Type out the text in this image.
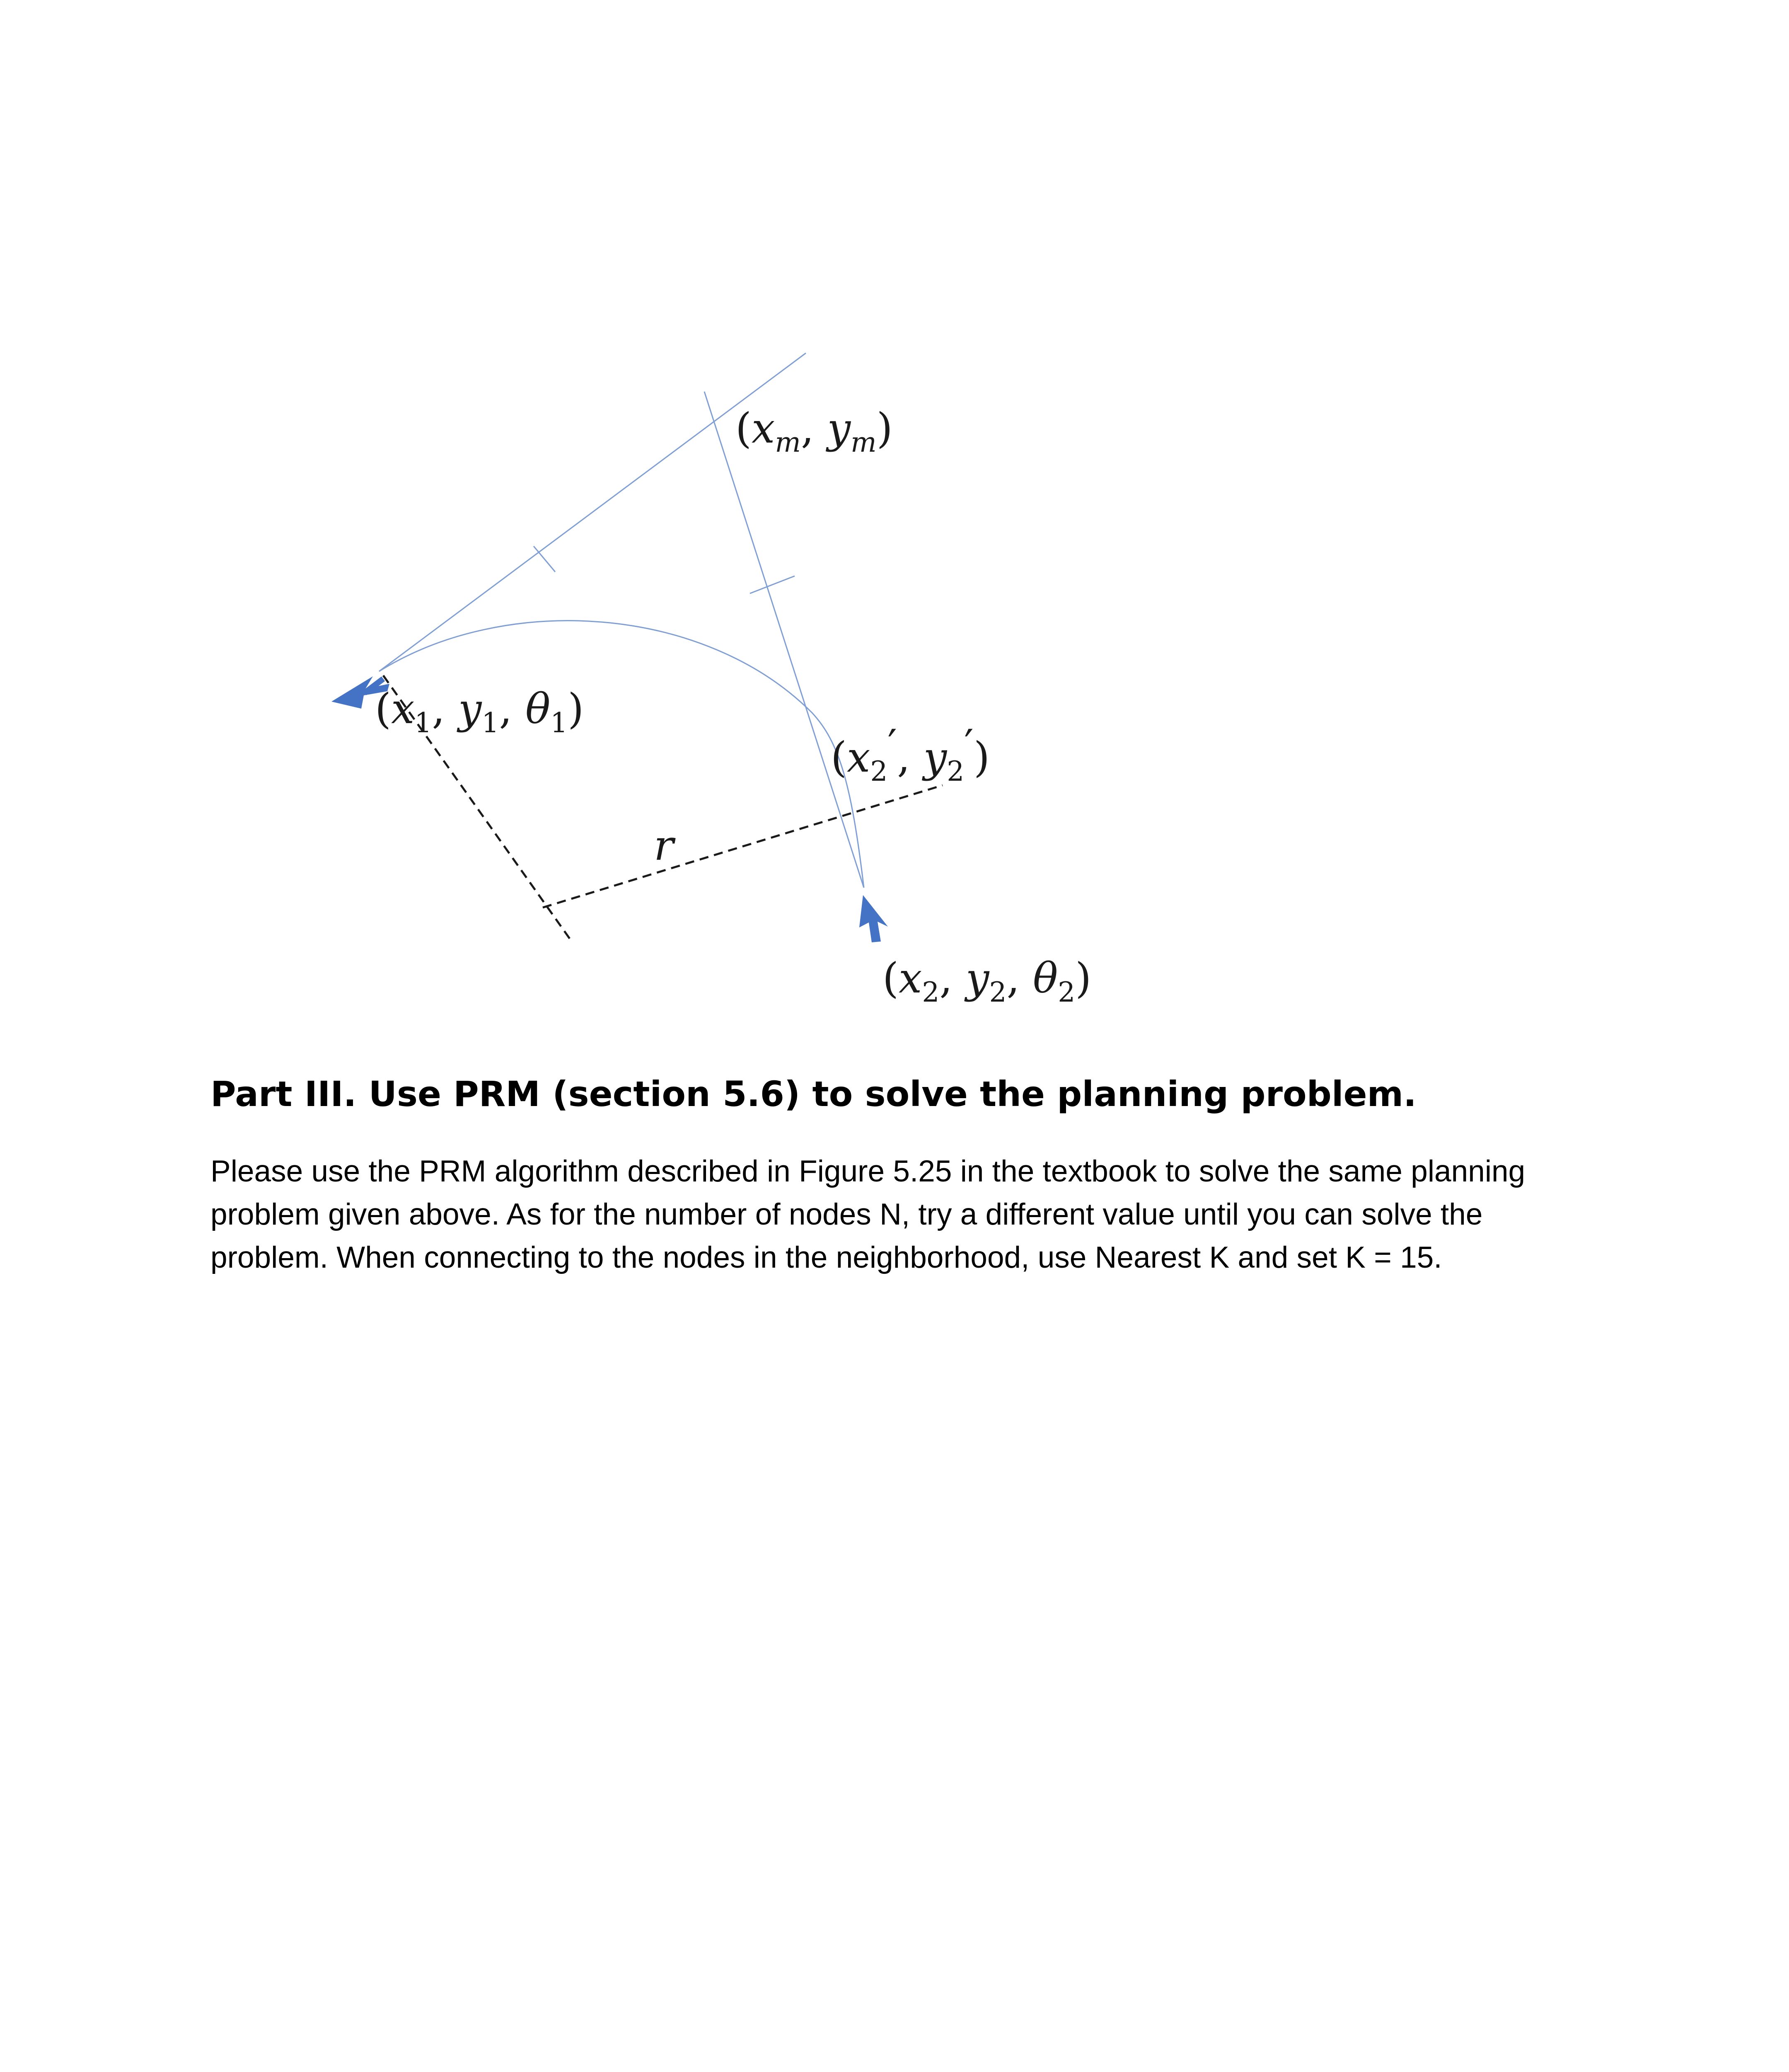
($x_m$, $y_m$)
($x_1$, $y_1$, $\theta_1$)
($x_2'$, $y_2'$)
r
($x_2$, $y_2$, $\theta_2$)
Part III. Use PRM (section 5.6) to solve the planning problem.

Please use the PRM algorithm described in Figure 5.25 in the textbook to solve the same planning
problem given above. As for the number of nodes N, try a different value until you can solve the
problem. When connecting to the nodes in the neighborhood, use Nearest K and set K = 15.
